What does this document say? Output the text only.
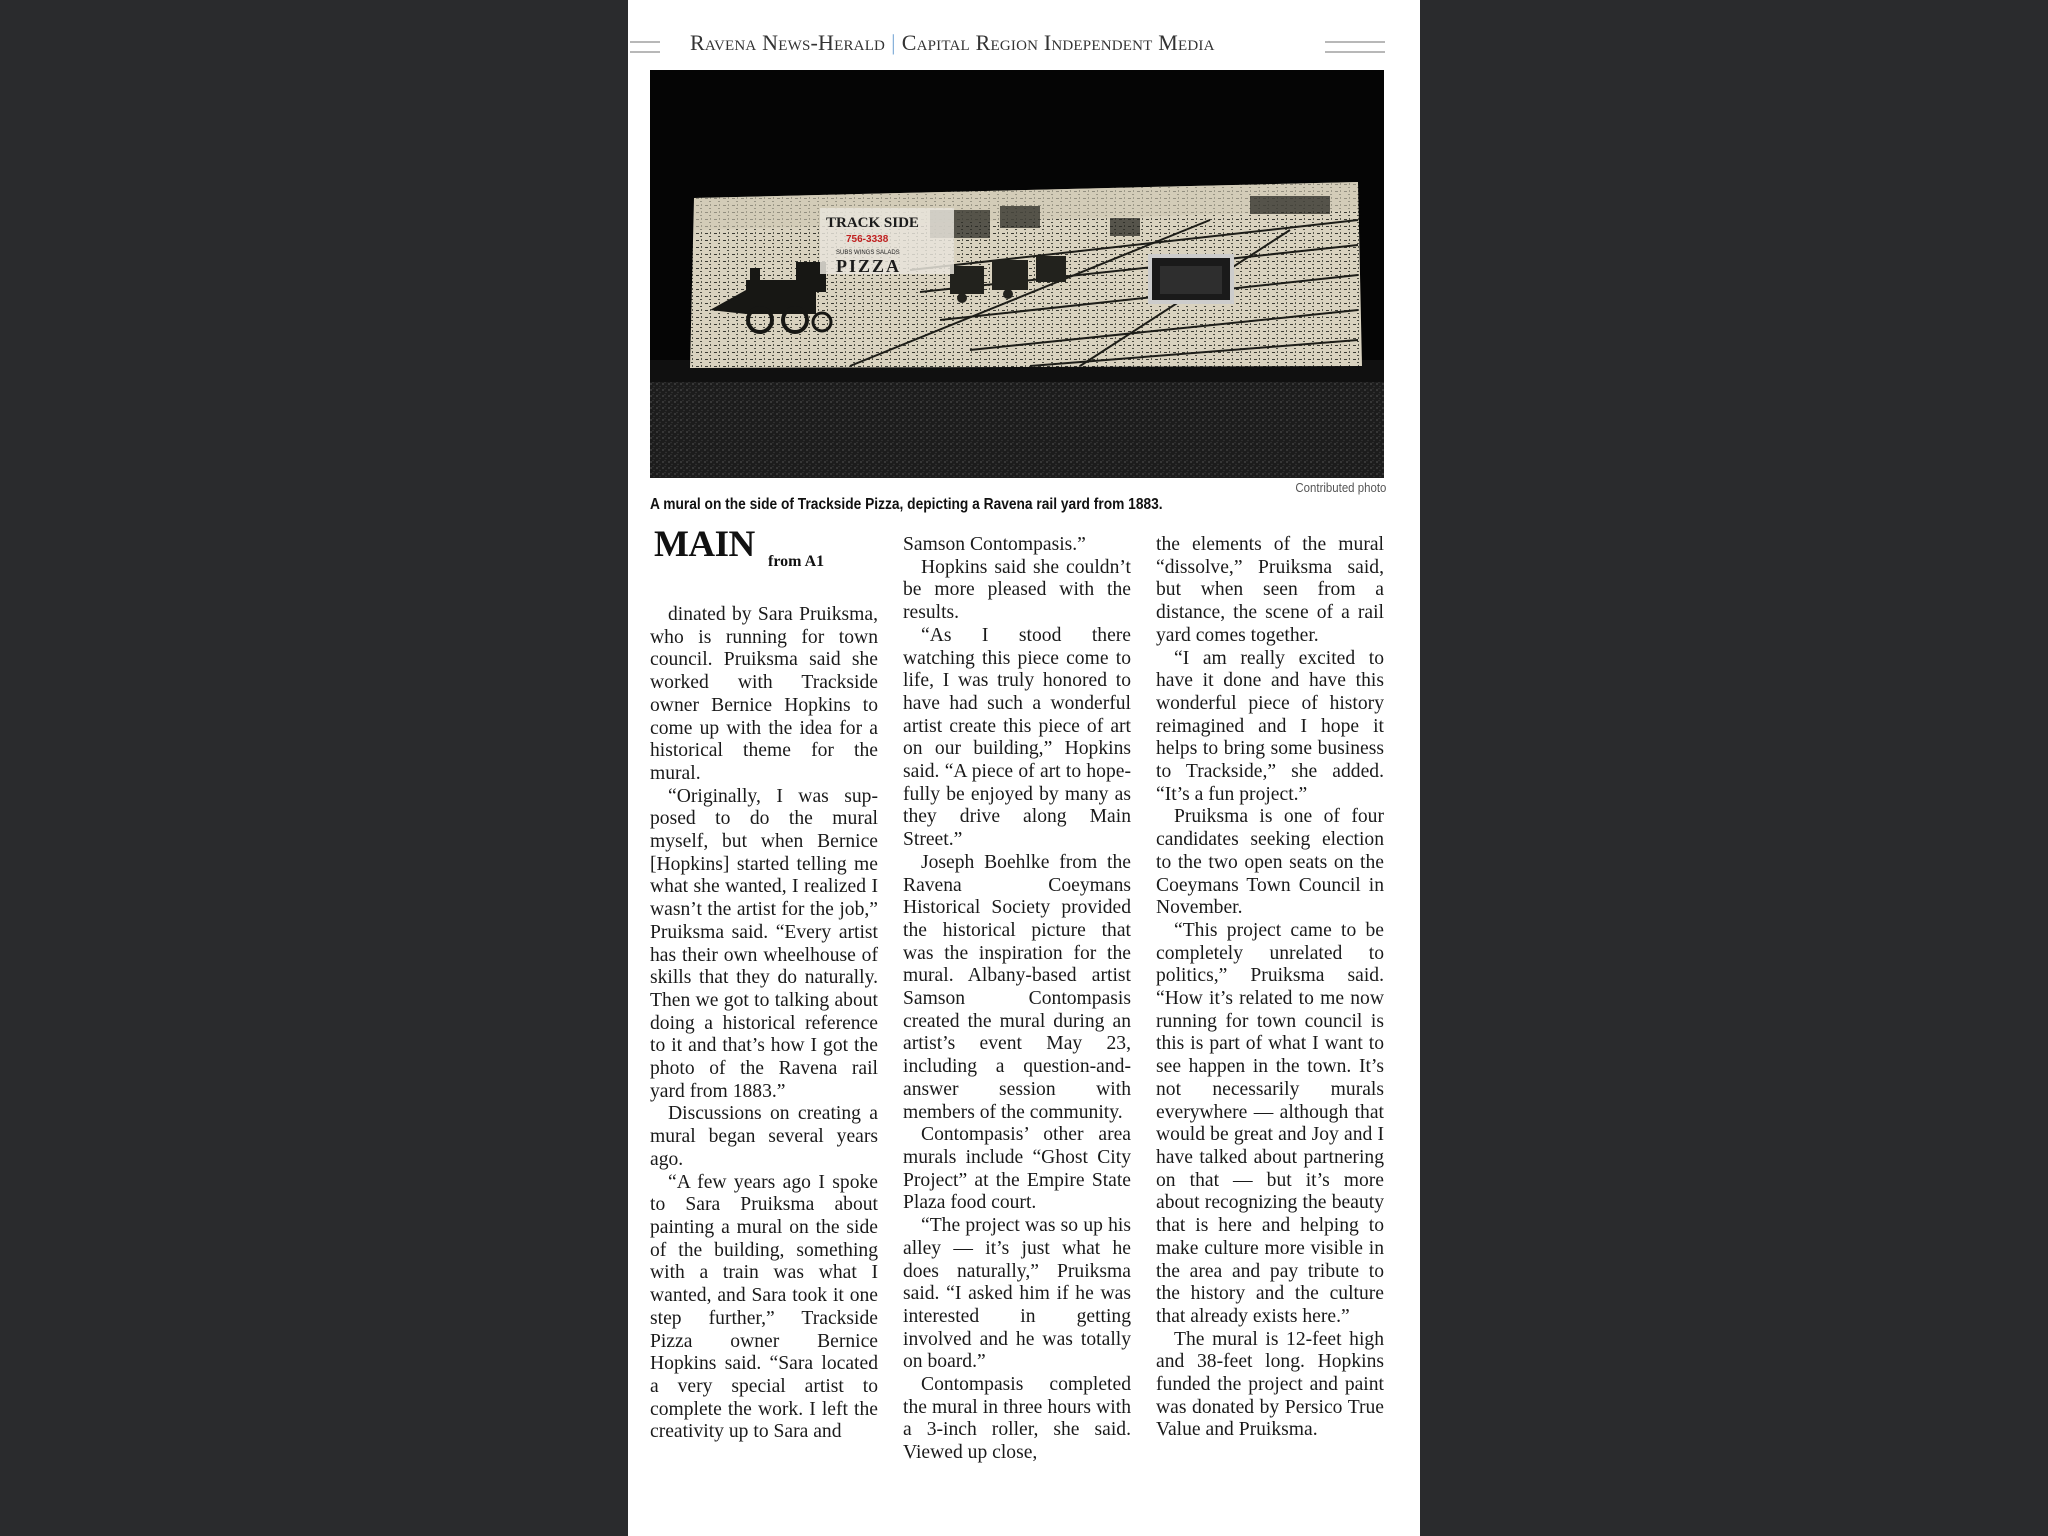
Ravena News-Herald | Capital Region Independent Media
TRACK SIDE
756-3338
SUBS WINGS SALADS
PIZZA
Contributed photo
A mural on the side of Trackside Pizza, depicting a Ravena rail yard from 1883.
MAIN from A1

dinated by Sara Pruiksma, who is running for town council. Pruiksma said she worked with Trackside owner Bernice Hopkins to come up with the idea for a historical theme for the mural.

“Originally, I was supposed to do the mural myself, but when Bernice [Hopkins] started telling me what she wanted, I realized I wasn’t the artist for the job,” Pruiksma said. “Every artist has their own wheelhouse of skills that they do naturally. Then we got to talking about doing a historical reference to it and that’s how I got the photo of the Ravena rail yard from 1883.”

Discussions on creating a mural began several years ago.

“A few years ago I spoke to Sara Pruiksma about painting a mural on the side of the building, something with a train was what I wanted, and Sara took it one step further,” Trackside Pizza owner Bernice Hopkins said. “Sara located a very special artist to complete the work. I left the creativity up to Sara and

Samson Contompasis.”

Hopkins said she couldn’t be more pleased with the results.

“As I stood there watching this piece come to life, I was truly honored to have had such a wonderful artist create this piece of art on our building,” Hopkins said. “A piece of art to hopefully be enjoyed by many as they drive along Main Street.”

Joseph Boehlke from the Ravena Coeymans Historical Society provided the historical picture that was the inspiration for the mural. Albany-based artist Samson Contompasis created the mural during an artist’s event May 23, including a question-and-answer session with members of the community.

Contompasis’ other area murals include “Ghost City Project” at the Empire State Plaza food court.

“The project was so up his alley — it’s just what he does naturally,” Pruiksma said. “I asked him if he was interested in getting involved and he was totally on board.”

Contompasis completed the mural in three hours with a 3-inch roller, she said. Viewed up close,

the elements of the mural “dissolve,” Pruiksma said, but when seen from a distance, the scene of a rail yard comes together.

“I am really excited to have it done and have this wonderful piece of history reimagined and I hope it helps to bring some business to Trackside,” she added. “It’s a fun project.”

Pruiksma is one of four candidates seeking election to the two open seats on the Coeymans Town Council in November.

“This project came to be completely unrelated to politics,” Pruiksma said. “How it’s related to me now running for town council is this is part of what I want to see happen in the town. It’s not necessarily murals everywhere — although that would be great and Joy and I have talked about partnering on that — but it’s more about recognizing the beauty that is here and helping to make culture more visible in the area and pay tribute to the history and the culture that already exists here.”

The mural is 12-feet high and 38-feet long. Hopkins funded the project and paint was donated by Persico True Value and Pruiksma.
